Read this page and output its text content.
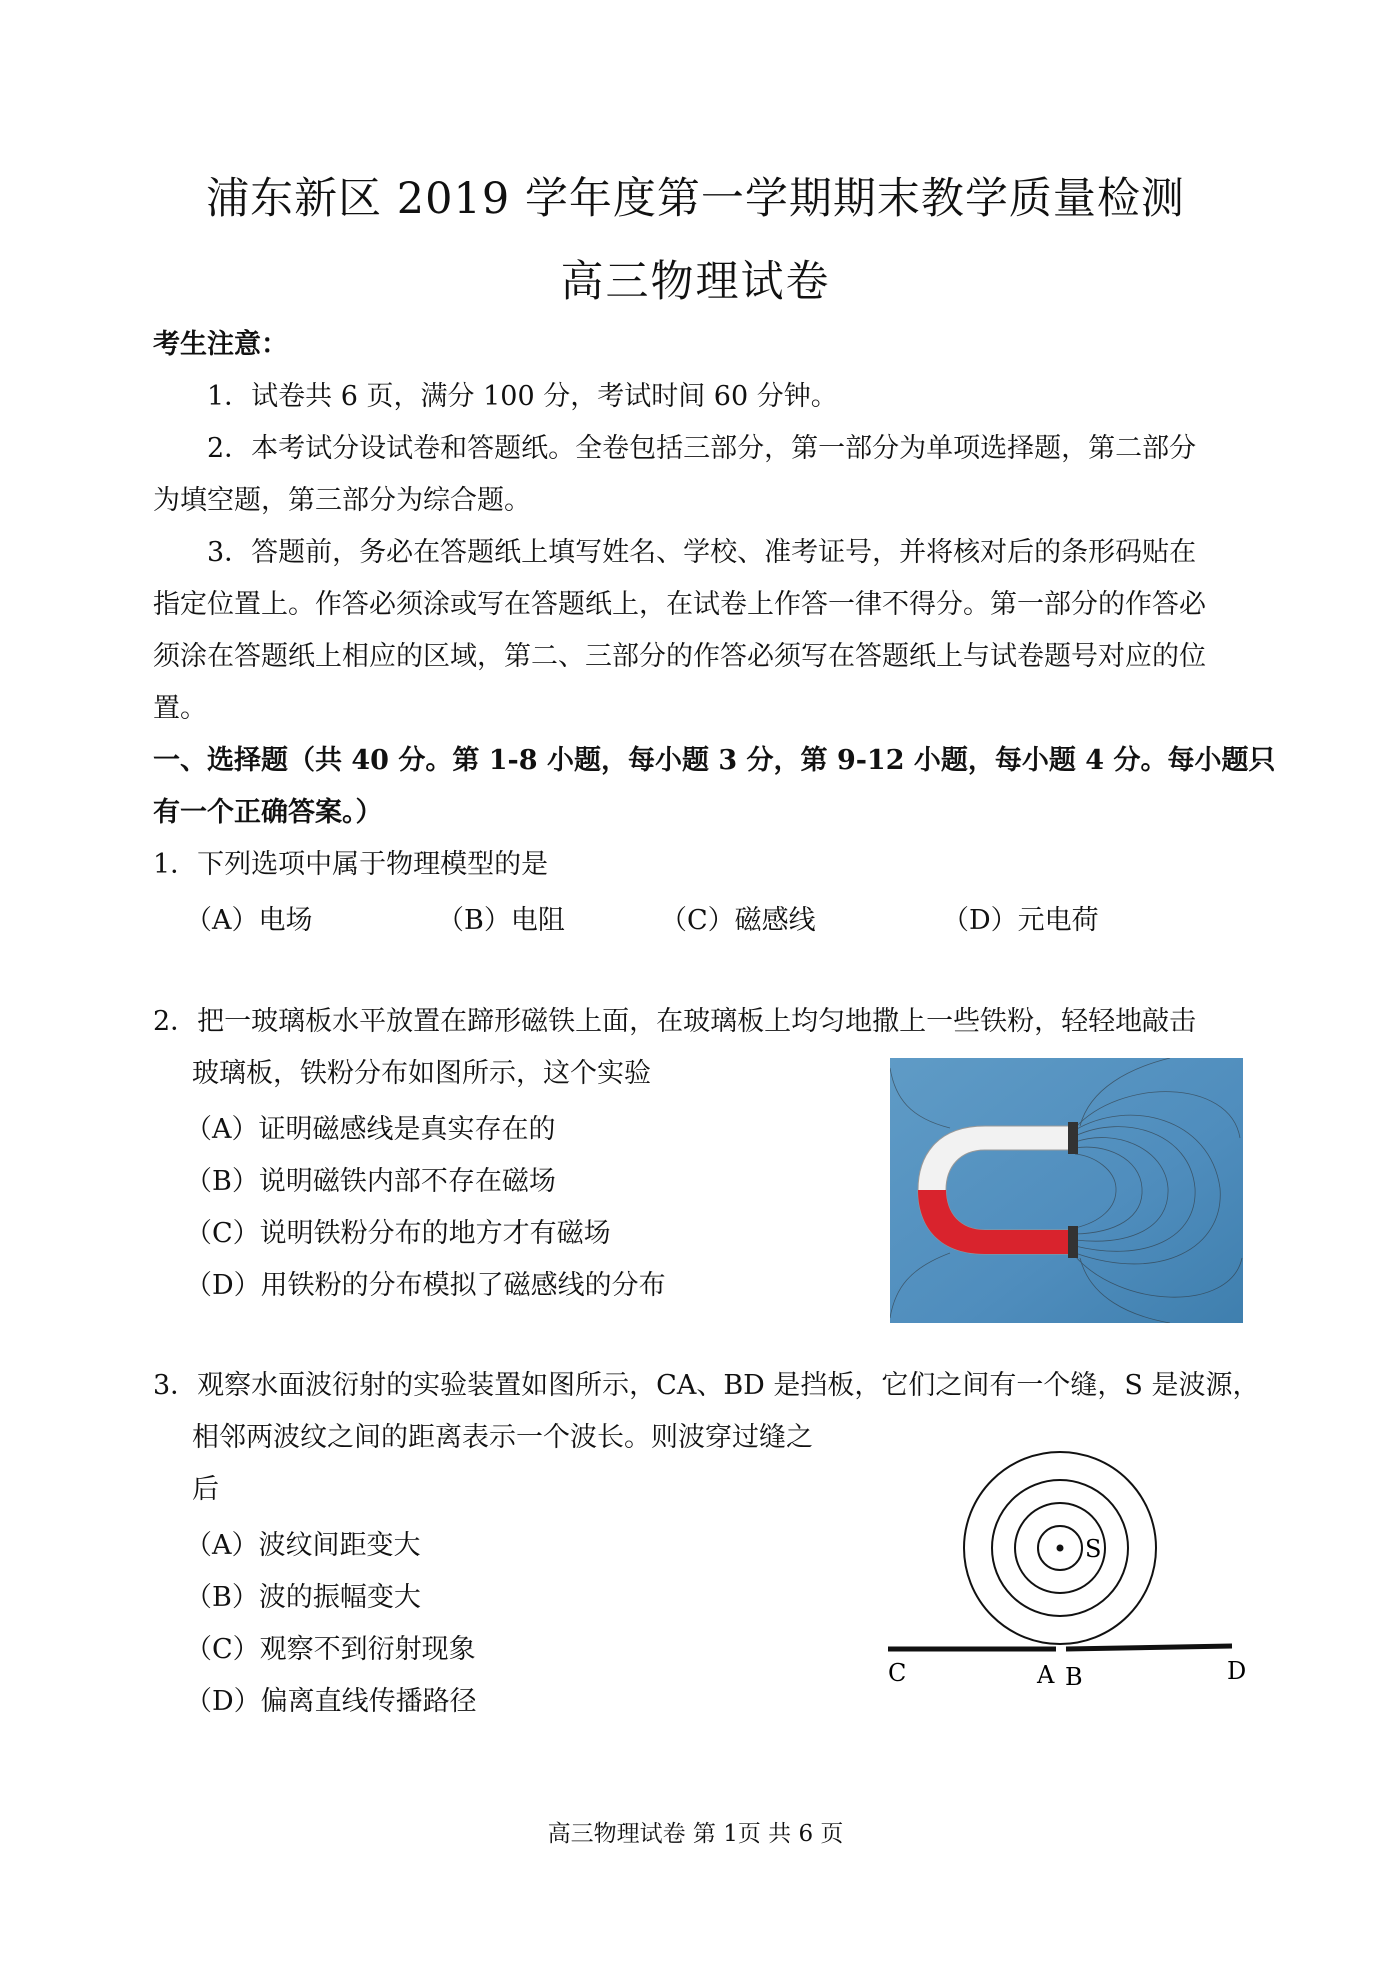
浦东新区 2019 学年度第一学期期末教学质量检测
高三物理试卷
考生注意：
1．试卷共 6 页，满分 100 分，考试时间 60 分钟。
2．本考试分设试卷和答题纸。全卷包括三部分，第一部分为单项选择题，第二部分
为填空题，第三部分为综合题。
3．答题前，务必在答题纸上填写姓名、学校、准考证号，并将核对后的条形码贴在
指定位置上。作答必须涂或写在答题纸上，在试卷上作答一律不得分。第一部分的作答必
须涂在答题纸上相应的区域，第二、三部分的作答必须写在答题纸上与试卷题号对应的位
置。
一、选择题（共 40 分。第 1-8 小题，每小题 3 分，第 9-12 小题，每小题 4 分。每小题只
有一个正确答案。）
1．下列选项中属于物理模型的是
（A）电场	（B）电阻	（C）磁感线	（D）元电荷
2．把一玻璃板水平放置在蹄形磁铁上面，在玻璃板上均匀地撒上一些铁粉，轻轻地敲击
玻璃板，铁粉分布如图所示，这个实验
（A）证明磁感线是真实存在的
（B）说明磁铁内部不存在磁场
（C）说明铁粉分布的地方才有磁场
（D）用铁粉的分布模拟了磁感线的分布
3．观察水面波衍射的实验装置如图所示，CA、BD 是挡板，它们之间有一个缝，S 是波源，
相邻两波纹之间的距离表示一个波长。则波穿过缝之
后
（A）波纹间距变大
（B）波的振幅变大
（C）观察不到衍射现象
（D）偏离直线传播路径
S
C	A B	D
高三物理试卷 第 1页 共 6 页
